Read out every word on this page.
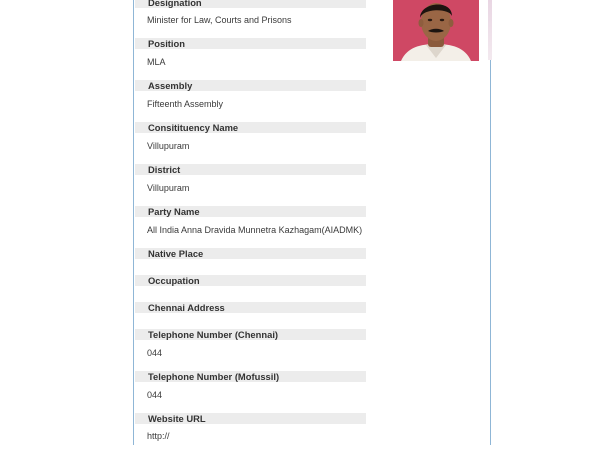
Designation
Minister for Law, Courts and Prisons
Position
MLA
Assembly
Fifteenth Assembly
Consitituency Name
Villupuram
District
Villupuram
Party Name
All India Anna Dravida Munnetra Kazhagam(AIADMK)
Native Place
Occupation
Chennai Address
Telephone Number (Chennai)
044
Telephone Number (Mofussil)
044
Website URL
http://
